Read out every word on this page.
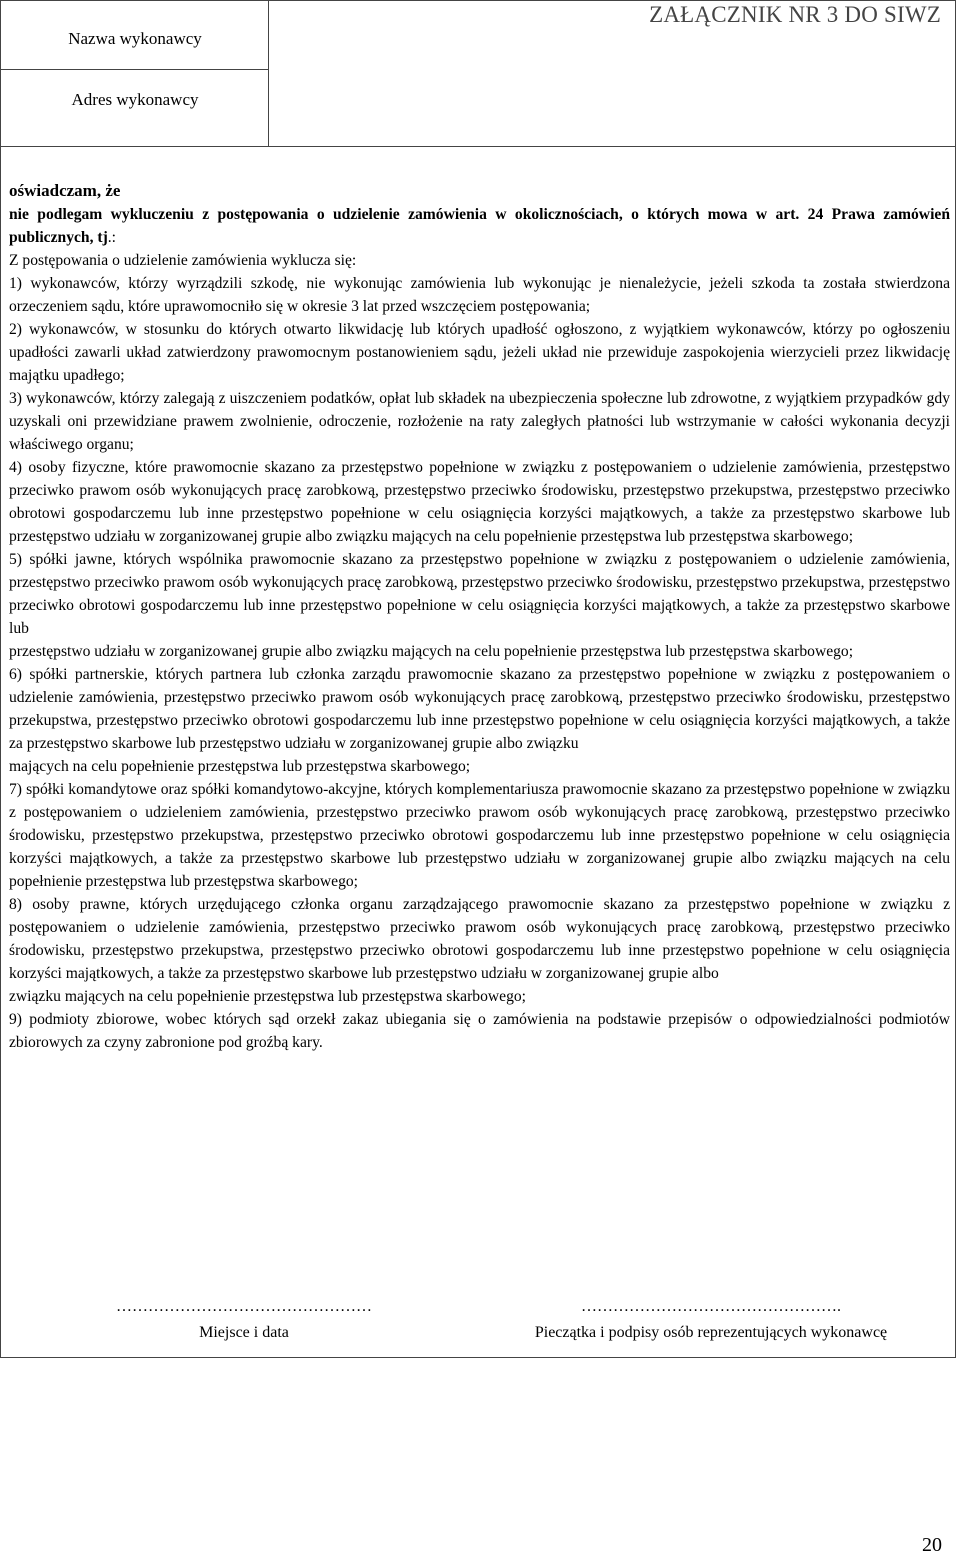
Nazwa wykonawcy
Adres wykonawcy
ZAŁĄCZNIK NR 3 DO SIWZ

oświadczam, że

nie podlegam wykluczeniu z postępowania o udzielenie zamówienia w okolicznościach, o których mowa w art. 24 Prawa zamówień publicznych, tj.:

Z postępowania o udzielenie zamówienia wyklucza się:

1) wykonawców, którzy wyrządzili szkodę, nie wykonując zamówienia lub wykonując je nienależycie, jeżeli szkoda ta została stwierdzona orzeczeniem sądu, które uprawomocniło się w okresie 3 lat przed wszczęciem postępowania;

2) wykonawców, w stosunku do których otwarto likwidację lub których upadłość ogłoszono, z wyjątkiem wykonawców, którzy po ogłoszeniu upadłości zawarli układ zatwierdzony prawomocnym postanowieniem sądu, jeżeli układ nie przewiduje zaspokojenia wierzycieli przez likwidację majątku upadłego;

3) wykonawców, którzy zalegają z uiszczeniem podatków, opłat lub składek na ubezpieczenia społeczne lub zdrowotne, z wyjątkiem przypadków gdy uzyskali oni przewidziane prawem zwolnienie, odroczenie, rozłożenie na raty zaległych płatności lub wstrzymanie w całości wykonania decyzji właściwego organu;

4) osoby fizyczne, które prawomocnie skazano za przestępstwo popełnione w związku z postępowaniem o udzielenie zamówienia, przestępstwo przeciwko prawom osób wykonujących pracę zarobkową, przestępstwo przeciwko środowisku, przestępstwo przekupstwa, przestępstwo przeciwko obrotowi gospodarczemu lub inne przestępstwo popełnione w celu osiągnięcia korzyści majątkowych, a także za przestępstwo skarbowe lub przestępstwo udziału w zorganizowanej grupie albo związku mających na celu popełnienie przestępstwa lub przestępstwa skarbowego;

5) spółki jawne, których wspólnika prawomocnie skazano za przestępstwo popełnione w związku z postępowaniem o udzielenie zamówienia, przestępstwo przeciwko prawom osób wykonujących pracę zarobkową, przestępstwo przeciwko środowisku, przestępstwo przekupstwa, przestępstwo przeciwko obrotowi gospodarczemu lub inne przestępstwo popełnione w celu osiągnięcia korzyści majątkowych, a także za przestępstwo skarbowe lub

przestępstwo udziału w zorganizowanej grupie albo związku mających na celu popełnienie przestępstwa lub przestępstwa skarbowego;

6) spółki partnerskie, których partnera lub członka zarządu prawomocnie skazano za przestępstwo popełnione w związku z postępowaniem o udzielenie zamówienia, przestępstwo przeciwko prawom osób wykonujących pracę zarobkową, przestępstwo przeciwko środowisku, przestępstwo przekupstwa, przestępstwo przeciwko obrotowi gospodarczemu lub inne przestępstwo popełnione w celu osiągnięcia korzyści majątkowych, a także za przestępstwo skarbowe lub przestępstwo udziału w zorganizowanej grupie albo związku

mających na celu popełnienie przestępstwa lub przestępstwa skarbowego;

7) spółki komandytowe oraz spółki komandytowo-akcyjne, których komplementariusza prawomocnie skazano za przestępstwo popełnione w związku z postępowaniem o udzieleniem zamówienia, przestępstwo przeciwko prawom osób wykonujących pracę zarobkową, przestępstwo przeciwko środowisku, przestępstwo przekupstwa, przestępstwo przeciwko obrotowi gospodarczemu lub inne przestępstwo popełnione w celu osiągnięcia korzyści majątkowych, a także za przestępstwo skarbowe lub przestępstwo udziału w zorganizowanej grupie albo związku mających na celu popełnienie przestępstwa lub przestępstwa skarbowego;

8) osoby prawne, których urzędującego członka organu zarządzającego prawomocnie skazano za przestępstwo popełnione w związku z postępowaniem o udzielenie zamówienia, przestępstwo przeciwko prawom osób wykonujących pracę zarobkową, przestępstwo przeciwko środowisku, przestępstwo przekupstwa, przestępstwo przeciwko obrotowi gospodarczemu lub inne przestępstwo popełnione w celu osiągnięcia korzyści majątkowych, a także za przestępstwo skarbowe lub przestępstwo udziału w zorganizowanej grupie albo

związku mających na celu popełnienie przestępstwa lub przestępstwa skarbowego;

9) podmioty zbiorowe, wobec których sąd orzekł zakaz ubiegania się o zamówienia na podstawie przepisów o odpowiedzialności podmiotów zbiorowych za czyny zabronione pod groźbą kary.

…………………………………………
Miejsce i data
………………………………………….
Pieczątka i podpisy osób reprezentujących wykonawcę
20
